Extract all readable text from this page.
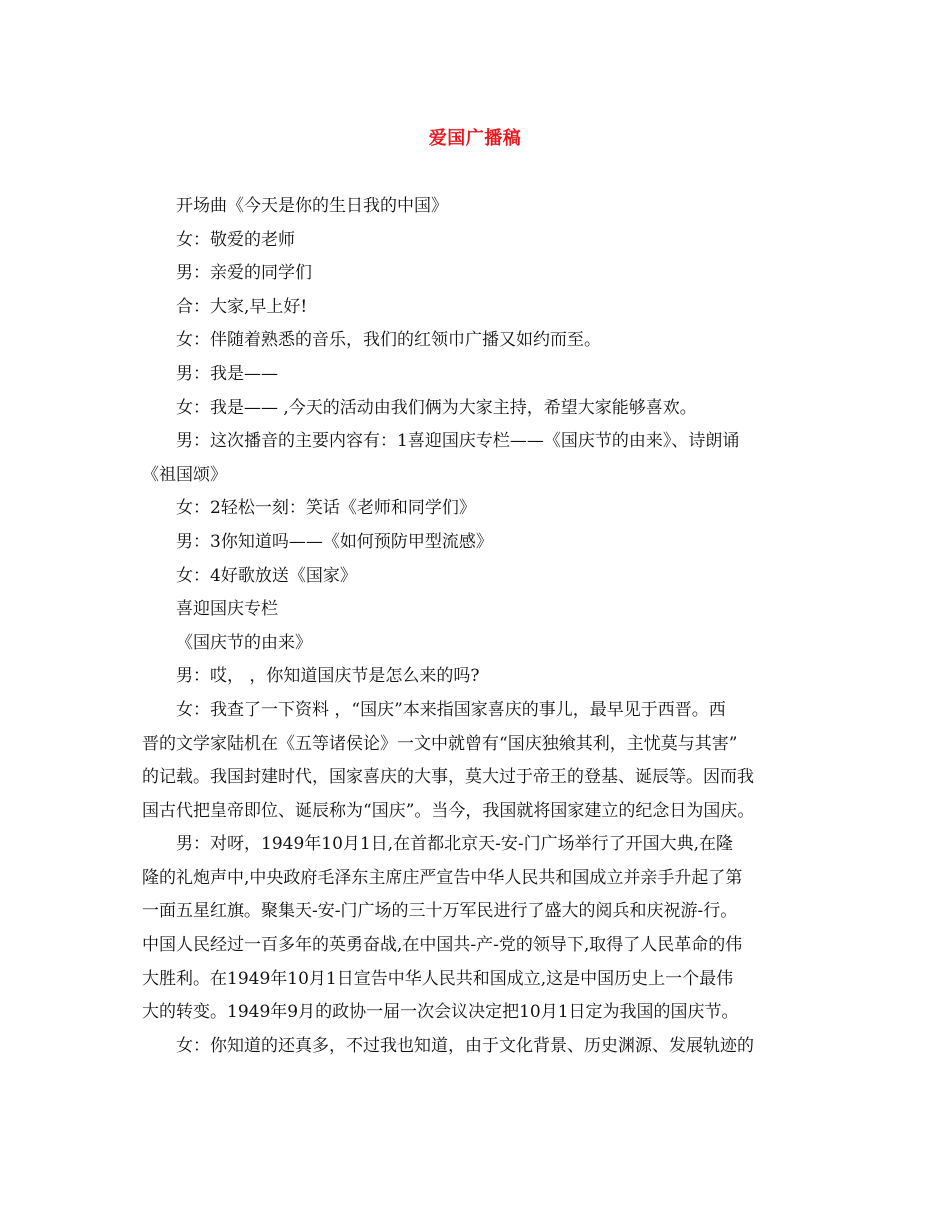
爱国广播稿
开场曲《今天是你的生日我的中国》
女：敬爱的老师
男：亲爱的同学们
合：大家,早上好!
女：伴随着熟悉的音乐，我们的红领巾广播又如约而至。
男：我是——
女：我是—— ,今天的活动由我们俩为大家主持，希望大家能够喜欢。
男：这次播音的主要内容有：1喜迎国庆专栏——《国庆节的由来》、诗朗诵
《祖国颂》
女：2轻松一刻：笑话《老师和同学们》
男：3你知道吗——《如何预防甲型流感》
女：4好歌放送《国家》
喜迎国庆专栏
《国庆节的由来》
男：哎， ，你知道国庆节是怎么来的吗?
女：我查了一下资料 ，“国庆”本来指国家喜庆的事儿，最早见于西晋。西
晋的文学家陆机在《五等诸侯论》一文中就曾有“国庆独飨其利，主忧莫与其害”
的记载。我国封建时代，国家喜庆的大事，莫大过于帝王的登基、诞辰等。因而我
国古代把皇帝即位、诞辰称为“国庆”。当今，我国就将国家建立的纪念日为国庆。
男：对呀，1949年10月1日,在首都北京天-安-门广场举行了开国大典,在隆
隆的礼炮声中,中央政府毛泽东主席庄严宣告中华人民共和国成立并亲手升起了第
一面五星红旗。聚集天-安-门广场的三十万军民进行了盛大的阅兵和庆祝游-行。
中国人民经过一百多年的英勇奋战,在中国共-产-党的领导下,取得了人民革命的伟
大胜利。在1949年10月1日宣告中华人民共和国成立,这是中国历史上一个最伟
大的转变。1949年9月的政协一届一次会议决定把10月1日定为我国的国庆节。
女：你知道的还真多，不过我也知道，由于文化背景、历史渊源、发展轨迹的
